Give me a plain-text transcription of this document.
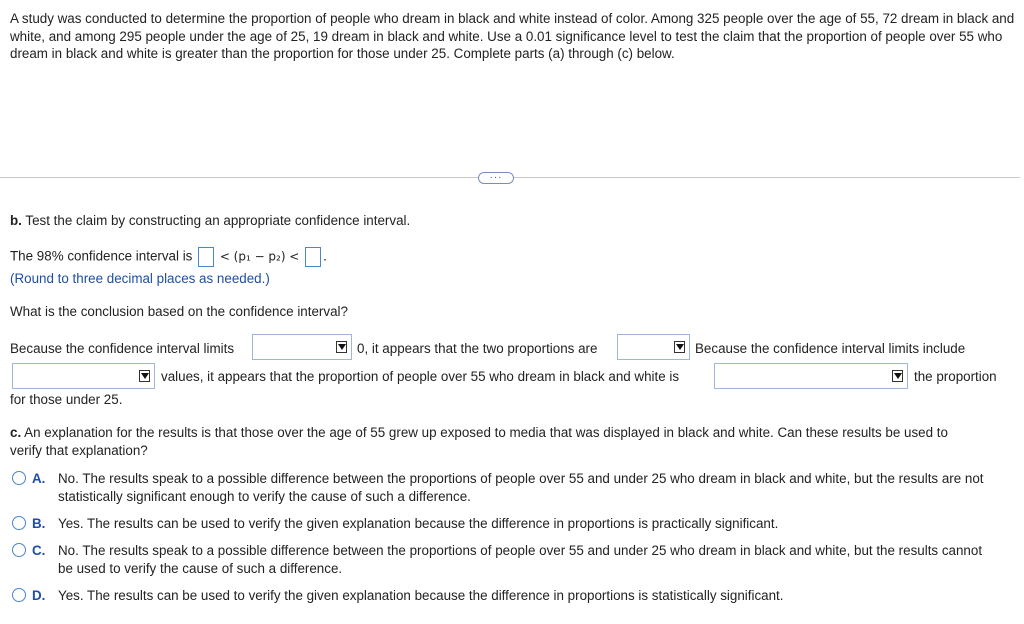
A study was conducted to determine the proportion of people who dream in black and white instead of color. Among 325 people over the age of 55, 72 dream in black and white, and among 295 people under the age of 25, 19 dream in black and white. Use a 0.01 significance level to test the claim that the proportion of people over 55 who dream in black and white is greater than the proportion for those under 25. Complete parts (a) through (c) below.
···
b. Test the claim by constructing an appropriate confidence interval.
The 98% confidence interval is < (p₁ − p₂) < .
(Round to three decimal places as needed.)
What is the conclusion based on the confidence interval?
Because the confidence interval limits	0, it appears that the two proportions are	Because the confidence interval limits include
values, it appears that the proportion of people over 55 who dream in black and white is	the proportion
for those under 25.
c. An explanation for the results is that those over the age of 55 grew up exposed to media that was displayed in black and white. Can these results be used to
verify that explanation?
A. No. The results speak to a possible difference between the proportions of people over 55 and under 25 who dream in black and white, but the results are not statistically significant enough to verify the cause of such a difference.
B. Yes. The results can be used to verify the given explanation because the difference in proportions is practically significant.
C. No. The results speak to a possible difference between the proportions of people over 55 and under 25 who dream in black and white, but the results cannot be used to verify the cause of such a difference.
D. Yes. The results can be used to verify the given explanation because the difference in proportions is statistically significant.
